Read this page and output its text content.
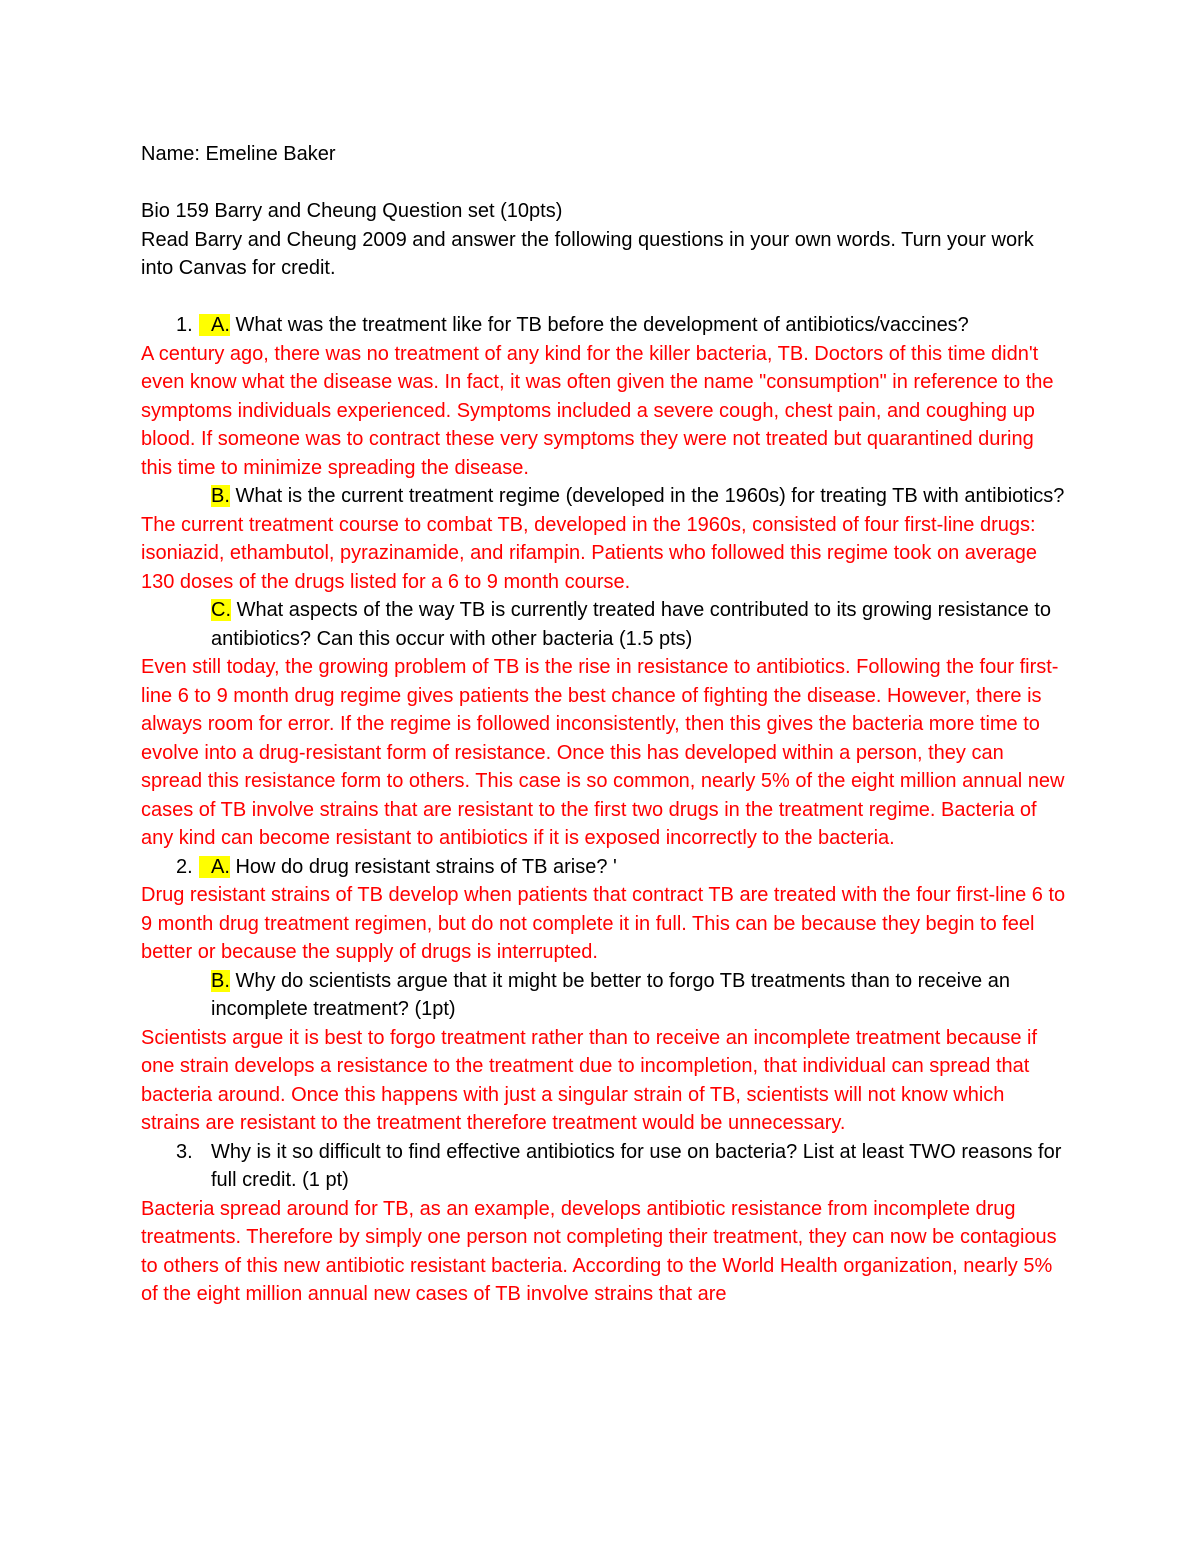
Name: Emeline Baker

Bio 159 Barry and Cheung Question set (10pts)

Read Barry and Cheung 2009 and answer the following questions in your own words. Turn your work into Canvas for credit.

1. A. What was the treatment like for TB before the development of antibiotics/vaccines?

A century ago, there was no treatment of any kind for the killer bacteria, TB. Doctors of this time didn't even know what the disease was. In fact, it was often given the name "consumption" in reference to the symptoms individuals experienced. Symptoms included a severe cough, chest pain, and coughing up blood. If someone was to contract these very symptoms they were not treated but quarantined during this time to minimize spreading the disease.

B. What is the current treatment regime (developed in the 1960s) for treating TB with antibiotics?

The current treatment course to combat TB, developed in the 1960s, consisted of four first-line drugs: isoniazid, ethambutol, pyrazinamide, and rifampin. Patients who followed this regime took on average 130 doses of the drugs listed for a 6 to 9 month course.

C. What aspects of the way TB is currently treated have contributed to its growing resistance to antibiotics? Can this occur with other bacteria (1.5 pts)

Even still today, the growing problem of TB is the rise in resistance to antibiotics. Following the four first-line 6 to 9 month drug regime gives patients the best chance of fighting the disease. However, there is always room for error. If the regime is followed inconsistently, then this gives the bacteria more time to evolve into a drug-resistant form of resistance. Once this has developed within a person, they can spread this resistance form to others. This case is so common, nearly 5% of the eight million annual new cases of TB involve strains that are resistant to the first two drugs in the treatment regime. Bacteria of any kind can become resistant to antibiotics if it is exposed incorrectly to the bacteria.

2. A. How do drug resistant strains of TB arise? '

Drug resistant strains of TB develop when patients that contract TB are treated with the four first-line 6 to 9 month drug treatment regimen, but do not complete it in full. This can be because they begin to feel better or because the supply of drugs is interrupted.

B. Why do scientists argue that it might be better to forgo TB treatments than to receive an incomplete treatment? (1pt)

Scientists argue it is best to forgo treatment rather than to receive an incomplete treatment because if one strain develops a resistance to the treatment due to incompletion, that individual can spread that bacteria around. Once this happens with just a singular strain of TB, scientists will not know which strains are resistant to the treatment therefore treatment would be unnecessary.

3. Why is it so difficult to find effective antibiotics for use on bacteria? List at least TWO reasons for full credit. (1 pt)

Bacteria spread around for TB, as an example, develops antibiotic resistance from incomplete drug treatments. Therefore by simply one person not completing their treatment, they can now be contagious to others of this new antibiotic resistant bacteria. According to the World Health organization, nearly 5% of the eight million annual new cases of TB involve strains that are
